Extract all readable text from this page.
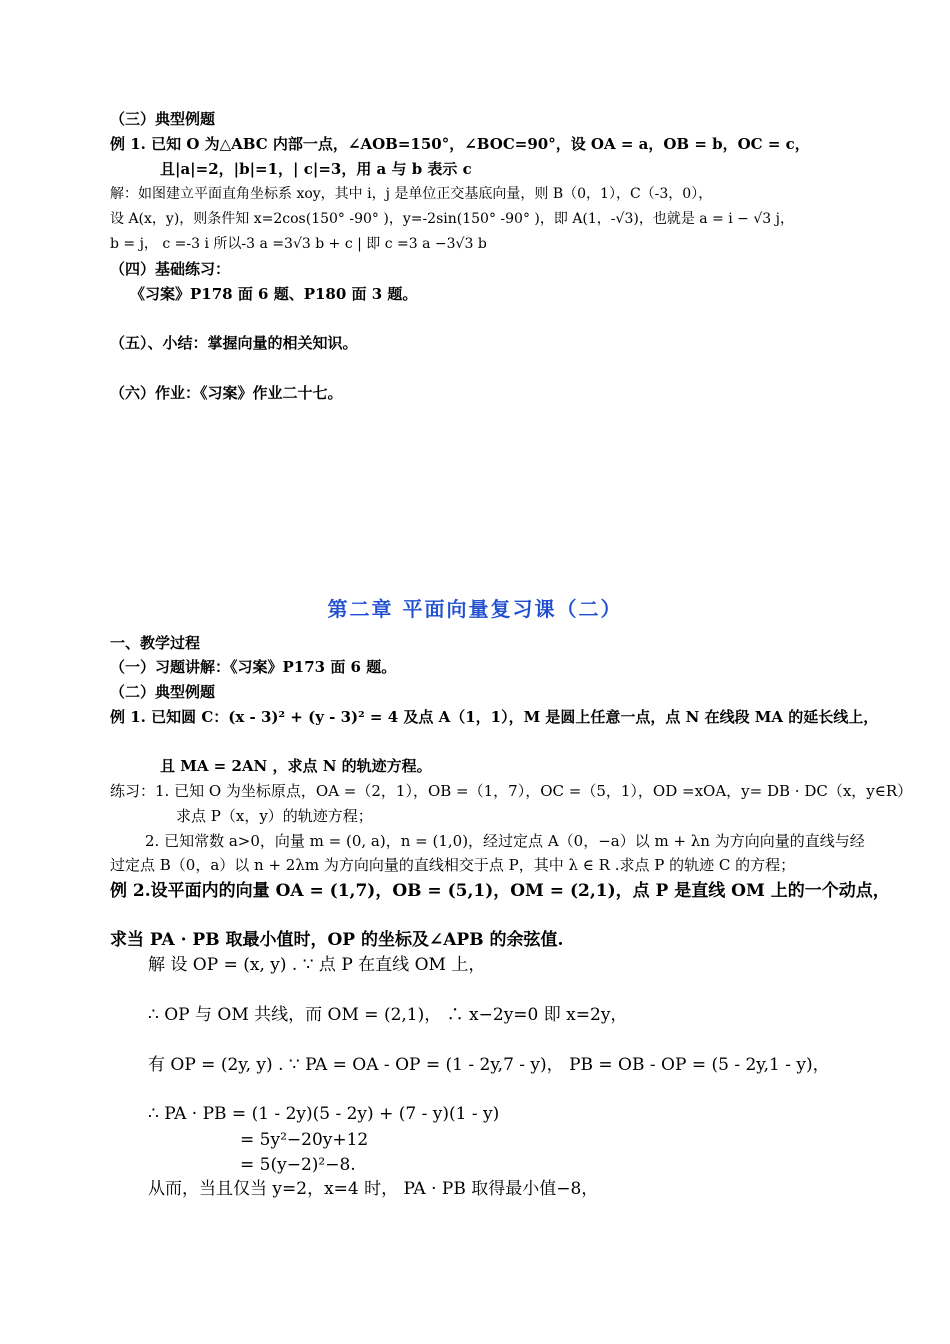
第二章 平面向量复习课（二）
（三）典型例题
例 1. 已知 O 为△ABC 内部一点，∠AOB=150°，∠BOC=90°，设 OA = a，OB = b，OC = c，
且|a|=2，|b|=1，| c|=3，用 a 与 b 表示 c
解：如图建立平面直角坐标系 xoy，其中 i，j 是单位正交基底向量，则 B（0，1），C（-3，0），
设 A(x，y)，则条件知 x=2cos(150° -90° )，y=-2sin(150° -90° )，即 A(1，-√3)，也就是 a = i − √3 j，
b = j， c =-3 i 所以-3 a =3√3 b + c | 即 c =3 a −3√3 b
（四）基础练习：
《习案》P178 面 6 题、P180 面 3 题。
（五）、小结：掌握向量的相关知识。
（六）作业：《习案》作业二十七。
一、教学过程
（一）习题讲解：《习案》P173 面 6 题。
（二）典型例题
例 1. 已知圆 C：(x - 3)² + (y - 3)² = 4 及点 A（1，1），M 是圆上任意一点，点 N 在线段 MA 的延长线上，
且 MA = 2AN ，求点 N 的轨迹方程。
练习：1. 已知 O 为坐标原点，OA =（2，1），OB =（1，7），OC =（5，1），OD =xOA，y= DB · DC（x，y∈R）
求点 P（x，y）的轨迹方程；
2. 已知常数 a>0，向量 m = (0, a)，n = (1,0)，经过定点 A（0，−a）以 m + λn 为方向向量的直线与经
过定点 B（0，a）以 n + 2λm 为方向向量的直线相交于点 P，其中 λ ∈ R .求点 P 的轨迹 C 的方程；
例 2.设平面内的向量 OA = (1,7)，OB = (5,1)，OM = (2,1)，点 P 是直线 OM 上的一个动点，
求当 PA · PB 取最小值时，OP 的坐标及∠APB 的余弦值.
解 设 OP = (x, y) . ∵ 点 P 在直线 OM 上，
∴ OP 与 OM 共线，而 OM = (2,1)， ∴ x−2y=0 即 x=2y，
有 OP = (2y, y) . ∵ PA = OA - OP = (1 - 2y,7 - y)， PB = OB - OP = (5 - 2y,1 - y)，
∴ PA · PB = (1 - 2y)(5 - 2y) + (7 - y)(1 - y)
= 5y²−20y+12
= 5(y−2)²−8.
从而，当且仅当 y=2，x=4 时， PA · PB 取得最小值−8，
